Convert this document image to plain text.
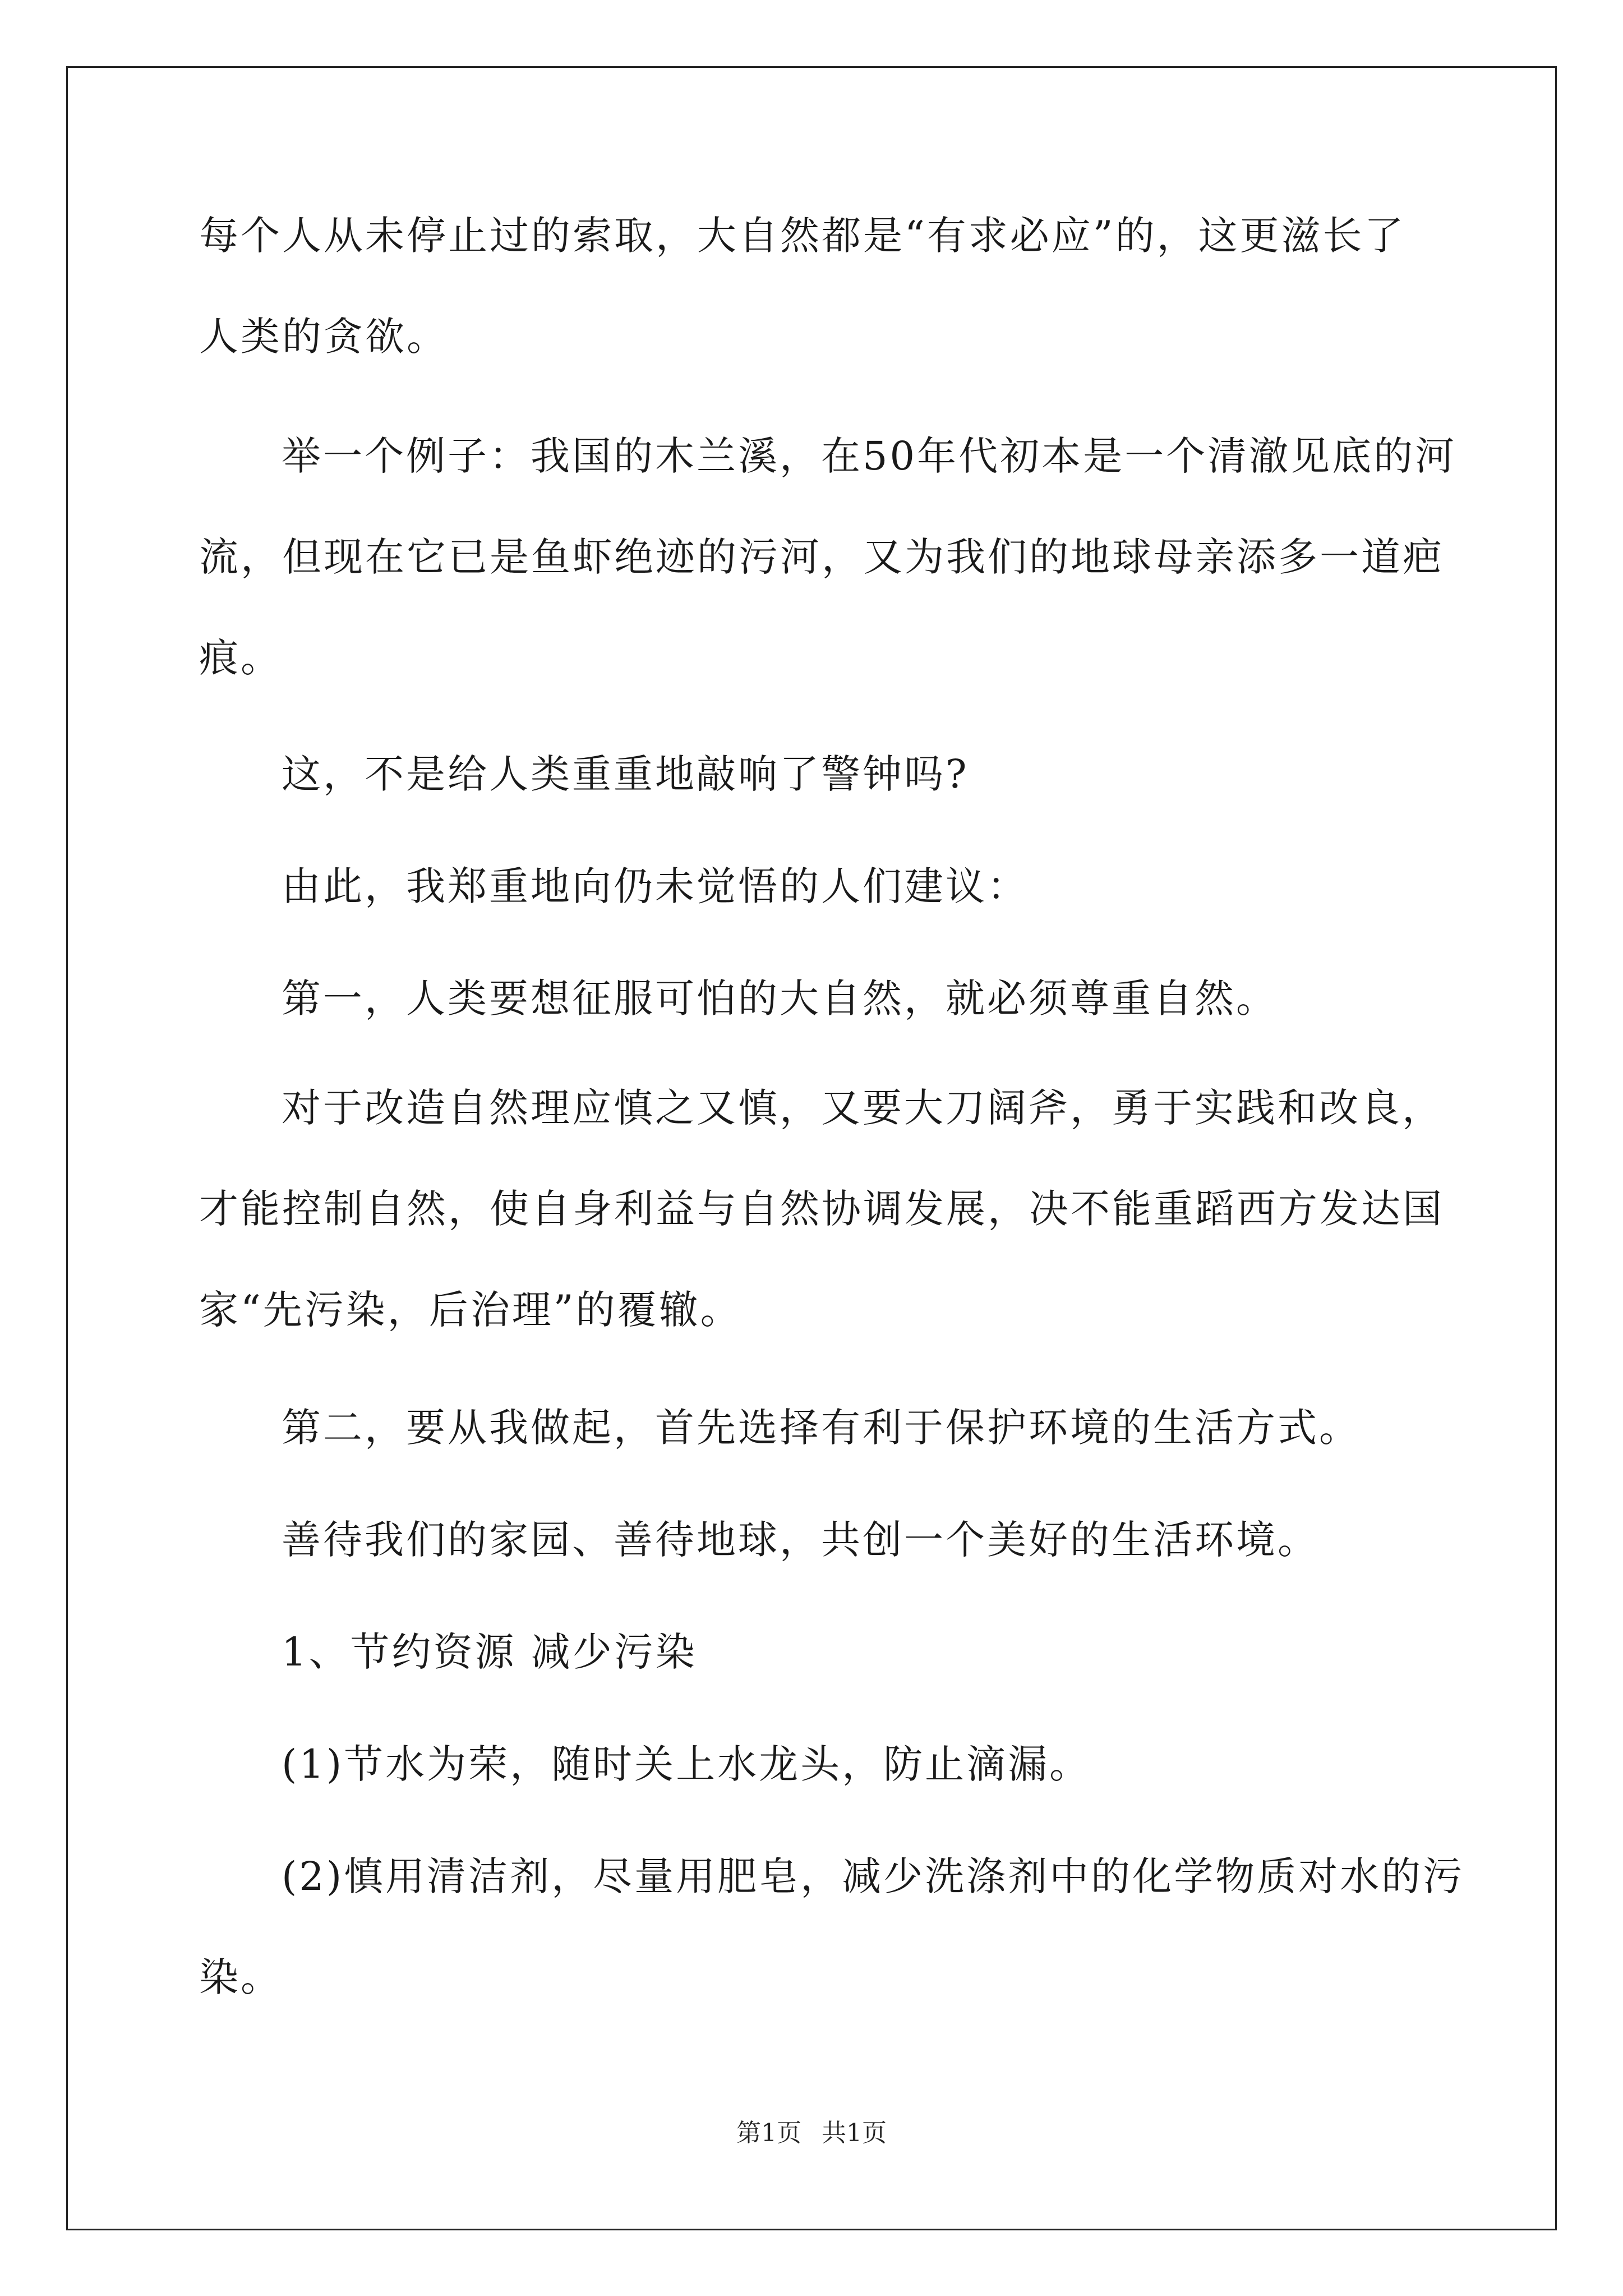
每个人从未停止过的索取，大自然都是“有求必应”的，这更滋长了
人类的贪欲。
举一个例子：我国的木兰溪，在50年代初本是一个清澈见底的河
流，但现在它已是鱼虾绝迹的污河，又为我们的地球母亲添多一道疤
痕。
这，不是给人类重重地敲响了警钟吗?
由此，我郑重地向仍未觉悟的人们建议：
第一，人类要想征服可怕的大自然，就必须尊重自然。
对于改造自然理应慎之又慎，又要大刀阔斧，勇于实践和改良，
才能控制自然，使自身利益与自然协调发展，决不能重蹈西方发达国
家“先污染，后治理”的覆辙。
第二，要从我做起，首先选择有利于保护环境的生活方式。
善待我们的家园、善待地球，共创一个美好的生活环境。
1、节约资源 减少污染
(1)节水为荣，随时关上水龙头，防止滴漏。
(2)慎用清洁剂，尽量用肥皂，减少洗涤剂中的化学物质对水的污
染。
第1页 共1页
